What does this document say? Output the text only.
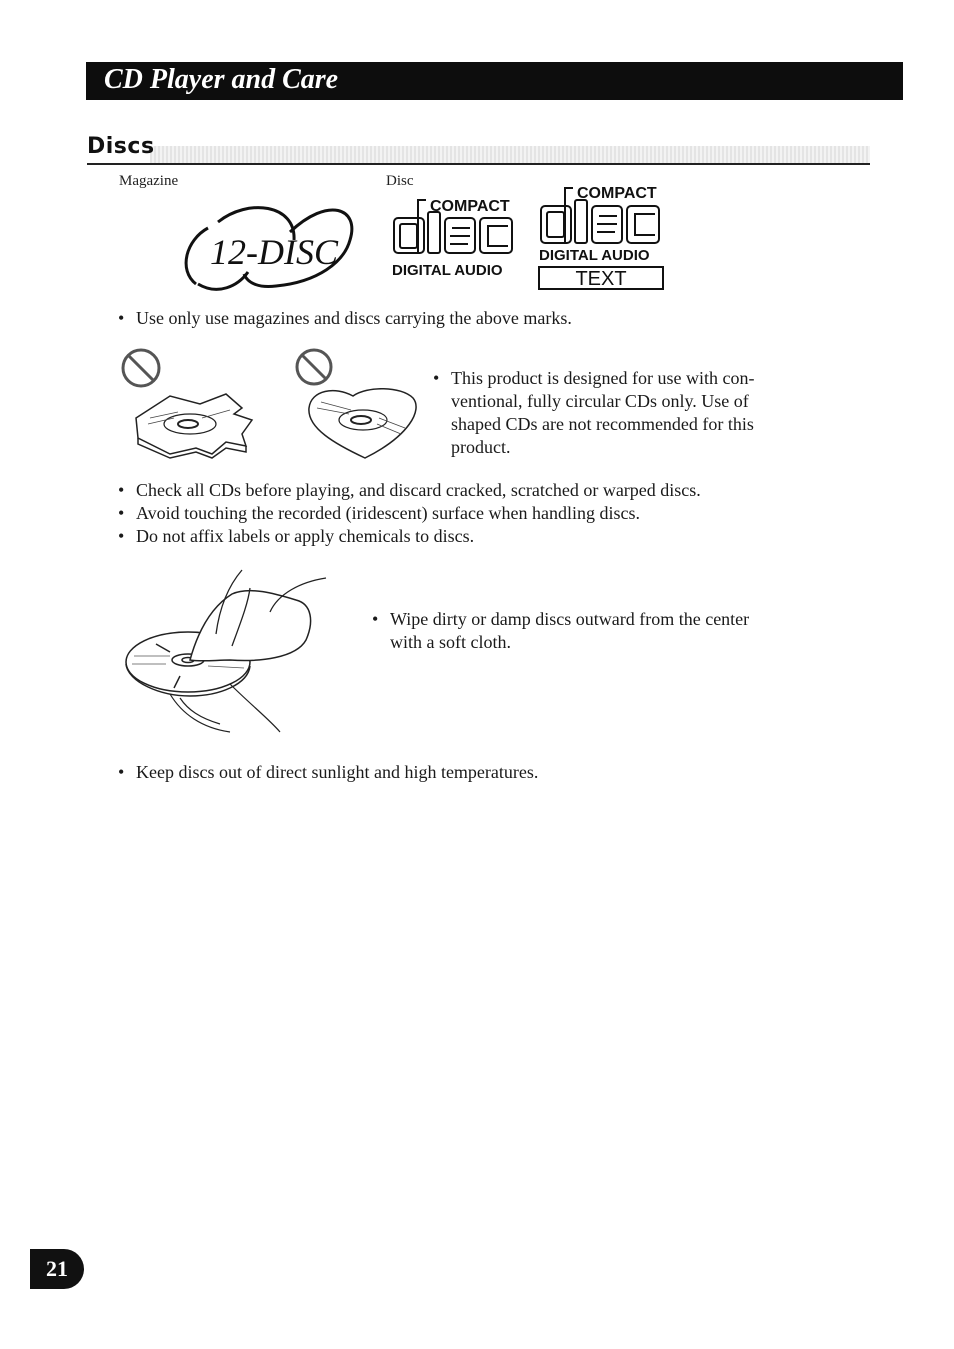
CD Player and Care
Discs
Magazine	Disc
12-DISC
COMPACT
DIGITAL AUDIO
COMPACT
DIGITAL AUDIO
TEXT
• Use only use magazines and discs carrying the above marks.
• This product is designed for use with con-
ventional, fully circular CDs only. Use of
shaped CDs are not recommended for this
product.
• Check all CDs before playing, and discard cracked, scratched or warped discs.
• Avoid touching the recorded (iridescent) surface when handling discs.
• Do not affix labels or apply chemicals to discs.
• Wipe dirty or damp discs outward from the center
with a soft cloth.
• Keep discs out of direct sunlight and high temperatures.
21
